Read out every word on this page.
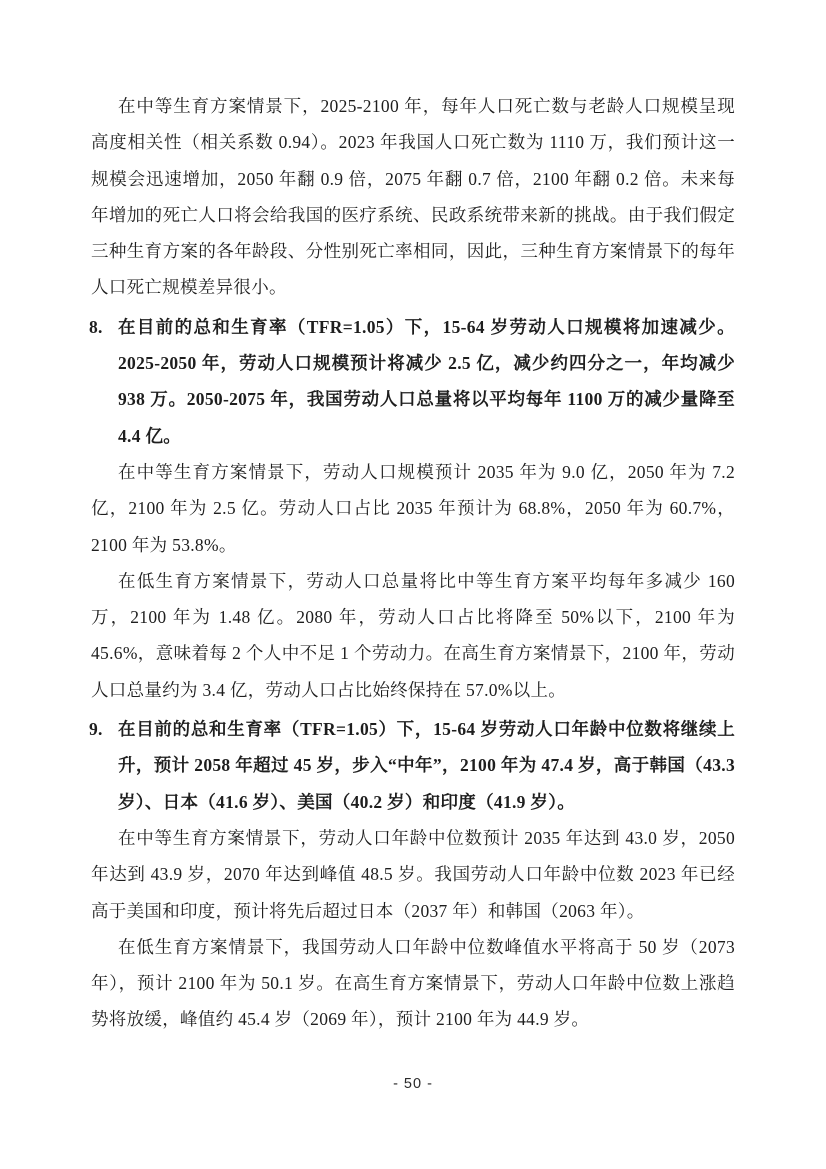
在中等生育方案情景下，2025-2100 年，每年人口死亡数与老龄人口规模呈现高度相关性（相关系数 0.94）。2023 年我国人口死亡数为 1110 万，我们预计这一规模会迅速增加，2050 年翻 0.9 倍，2075 年翻 0.7 倍，2100 年翻 0.2 倍。未来每年增加的死亡人口将会给我国的医疗系统、民政系统带来新的挑战。由于我们假定三种生育方案的各年龄段、分性别死亡率相同，因此，三种生育方案情景下的每年人口死亡规模差异很小。

8. 在目前的总和生育率（TFR=1.05）下，15-64 岁劳动人口规模将加速减少。2025-2050 年，劳动人口规模预计将减少 2.5 亿，减少约四分之一，年均减少 938 万。2050-2075 年，我国劳动人口总量将以平均每年 1100 万的减少量降至 4.4 亿。

在中等生育方案情景下，劳动人口规模预计 2035 年为 9.0 亿，2050 年为 7.2 亿，2100 年为 2.5 亿。劳动人口占比 2035 年预计为 68.8%，2050 年为 60.7%，2100 年为 53.8%。

在低生育方案情景下，劳动人口总量将比中等生育方案平均每年多减少 160 万，2100 年为 1.48 亿。2080 年，劳动人口占比将降至 50%以下，2100 年为 45.6%，意味着每 2 个人中不足 1 个劳动力。在高生育方案情景下，2100 年，劳动人口总量约为 3.4 亿，劳动人口占比始终保持在 57.0%以上。

9. 在目前的总和生育率（TFR=1.05）下，15-64 岁劳动人口年龄中位数将继续上升，预计 2058 年超过 45 岁，步入“中年”，2100 年为 47.4 岁，高于韩国（43.3 岁）、日本（41.6 岁）、美国（40.2 岁）和印度（41.9 岁）。

在中等生育方案情景下，劳动人口年龄中位数预计 2035 年达到 43.0 岁，2050 年达到 43.9 岁，2070 年达到峰值 48.5 岁。我国劳动人口年龄中位数 2023 年已经高于美国和印度，预计将先后超过日本（2037 年）和韩国（2063 年）。

在低生育方案情景下，我国劳动人口年龄中位数峰值水平将高于 50 岁（2073 年），预计 2100 年为 50.1 岁。在高生育方案情景下，劳动人口年龄中位数上涨趋势将放缓，峰值约 45.4 岁（2069 年），预计 2100 年为 44.9 岁。

- 50 -
